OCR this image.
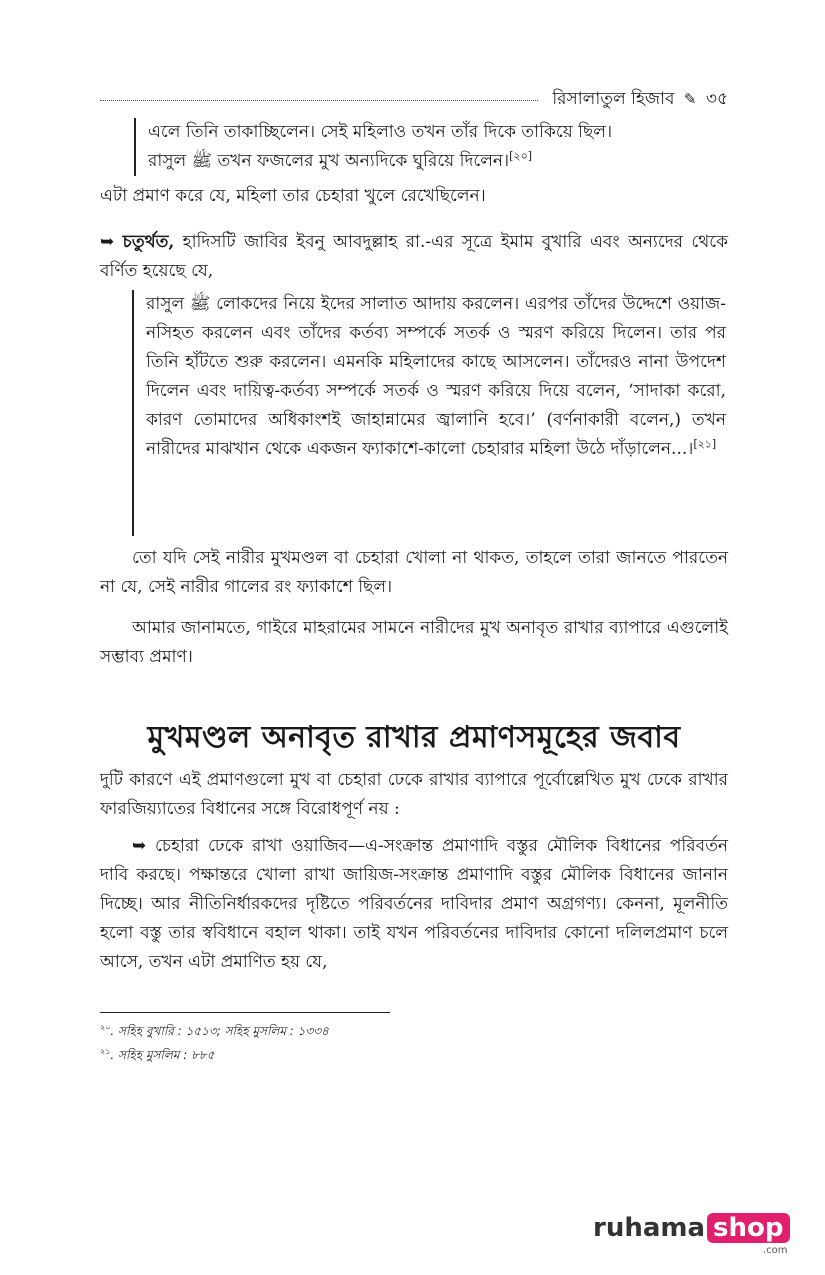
রিসালাতুল হিজাব ✎ ৩৫
এলে তিনি তাকাচ্ছিলেন। সেই মহিলাও তখন তাঁর দিকে তাকিয়ে ছিল।
রাসুল ﷺ তখন ফজলের মুখ অন্যদিকে ঘুরিয়ে দিলেন।[২০]
এটা প্রমাণ করে যে, মহিলা তার চেহারা খুলে রেখেছিলেন।
➥ চতুর্থত, হাদিসটি জাবির ইবনু আবদুল্লাহ রা.-এর সূত্রে ইমাম বুখারি এবং অন্যদের থেকে বর্ণিত হয়েছে যে,
রাসুল ﷺ লোকদের নিয়ে ইদের সালাত আদায় করলেন। এরপর তাঁদের উদ্দেশে ওয়াজ-নসিহত করলেন এবং তাঁদের কর্তব্য সম্পর্কে সতর্ক ও স্মরণ করিয়ে দিলেন। তার পর তিনি হাঁটতে শুরু করলেন। এমনকি মহিলাদের কাছে আসলেন। তাঁদেরও নানা উপদেশ দিলেন এবং দায়িত্ব-কর্তব্য সম্পর্কে সতর্ক ও স্মরণ করিয়ে দিয়ে বলেন, ‘সাদাকা করো, কারণ তোমাদের অধিকাংশই জাহান্নামের জ্বালানি হবে।’ (বর্ণনাকারী বলেন,) তখন নারীদের মাঝখান থেকে একজন ফ্যাকাশে-কালো চেহারার মহিলা উঠে দাঁড়ালেন...।[২১]
তো যদি সেই নারীর মুখমণ্ডল বা চেহারা খোলা না থাকত, তাহলে তারা জানতে পারতেন না যে, সেই নারীর গালের রং ফ্যাকাশে ছিল।
আমার জানামতে, গাইরে মাহরামের সামনে নারীদের মুখ অনাবৃত রাখার ব্যাপারে এগুলোই সম্ভাব্য প্রমাণ।
মুখমণ্ডল অনাবৃত রাখার প্রমাণসমূহের জবাব
দুটি কারণে এই প্রমাণগুলো মুখ বা চেহারা ঢেকে রাখার ব্যাপারে পূর্বোল্লেখিত মুখ ঢেকে রাখার ফারজিয়্যাতের বিধানের সঙ্গে বিরোধপূর্ণ নয় :
➥ চেহারা ঢেকে রাখা ওয়াজিব—এ-সংক্রান্ত প্রমাণাদি বস্তুর মৌলিক বিধানের পরিবর্তন দাবি করছে। পক্ষান্তরে খোলা রাখা জায়িজ-সংক্রান্ত প্রমাণাদি বস্তুর মৌলিক বিধানের জানান দিচ্ছে। আর নীতিনির্ধারকদের দৃষ্টিতে পরিবর্তনের দাবিদার প্রমাণ অগ্রগণ্য। কেননা, মূলনীতি হলো বস্তু তার স্ববিধানে বহাল থাকা। তাই যখন পরিবর্তনের দাবিদার কোনো দলিলপ্রমাণ চলে আসে, তখন এটা প্রমাণিত হয় যে,
$^{২০}$. সহিহ বুখারি : ১৫১৩; সহিহ মুসলিম : ১৩৩৪
$^{২১}$. সহিহ মুসলিম : ৮৮৫
ruhama shop
.com
